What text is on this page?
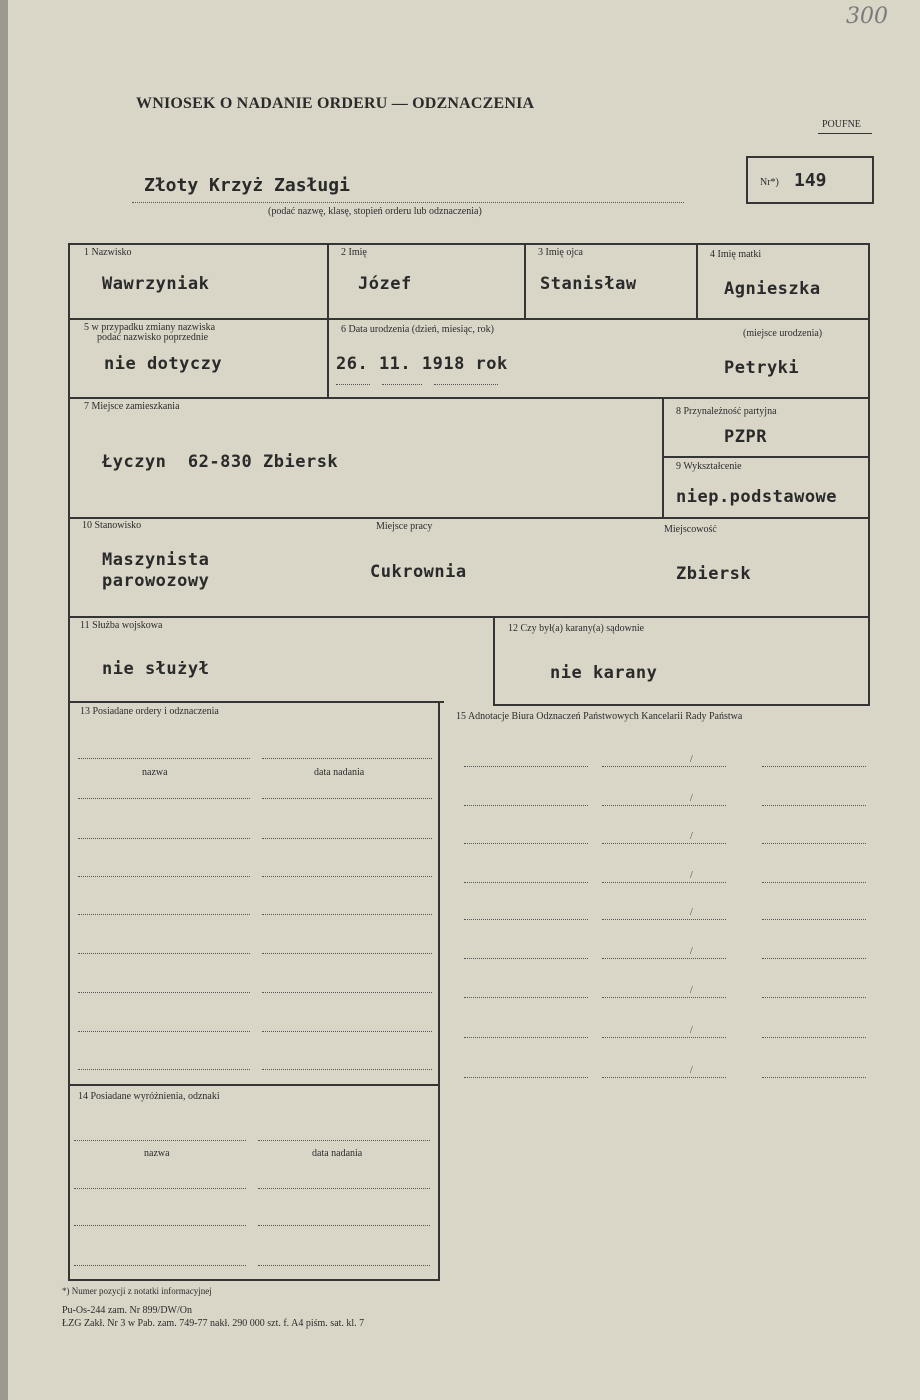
300
WNIOSEK O NADANIE ORDERU — ODZNACZENIA
POUFNE
Złoty Krzyż Zasługi
(podać nazwę, klasę, stopień orderu lub odznaczenia)
Nr*) 149
1 Nazwisko
Wawrzyniak
2 Imię
Józef
3 Imię ojca
Stanisław
4 Imię matki
Agnieszka
5 w przypadku zmiany nazwiska
podać nazwisko poprzednie
nie dotyczy
6 Data urodzenia (dzień, miesiąc, rok)
26. 11. 1918 rok
(miejsce urodzenia)
Petryki
7 Miejsce zamieszkania
Łyczyn  62-830 Zbiersk
8 Przynależność partyjna
PZPR
9 Wykształcenie
niep.podstawowe
10 Stanowisko
Maszynista
parowozowy
Miejsce pracy
Cukrownia
Miejscowość
Zbiersk
11 Służba wojskowa
nie służył
12 Czy był(a) karany(a) sądownie
nie karany
13 Posiadane ordery i odznaczenia
nazwa	data nadania
14 Posiadane wyróżnienia, odznaki
nazwa	data nadania
15 Adnotacje Biura Odznaczeń Państwowych Kancelarii Rady Państwa
*) Numer pozycji z notatki informacyjnej
Pu-Os-244 zam. Nr 899/DW/On
ŁZG Zakł. Nr 3 w Pab. zam. 749-77 nakł. 290 000 szt. f. A4 piśm. sat. kl. 7
/
/
/
/
/
/
/
/
/
